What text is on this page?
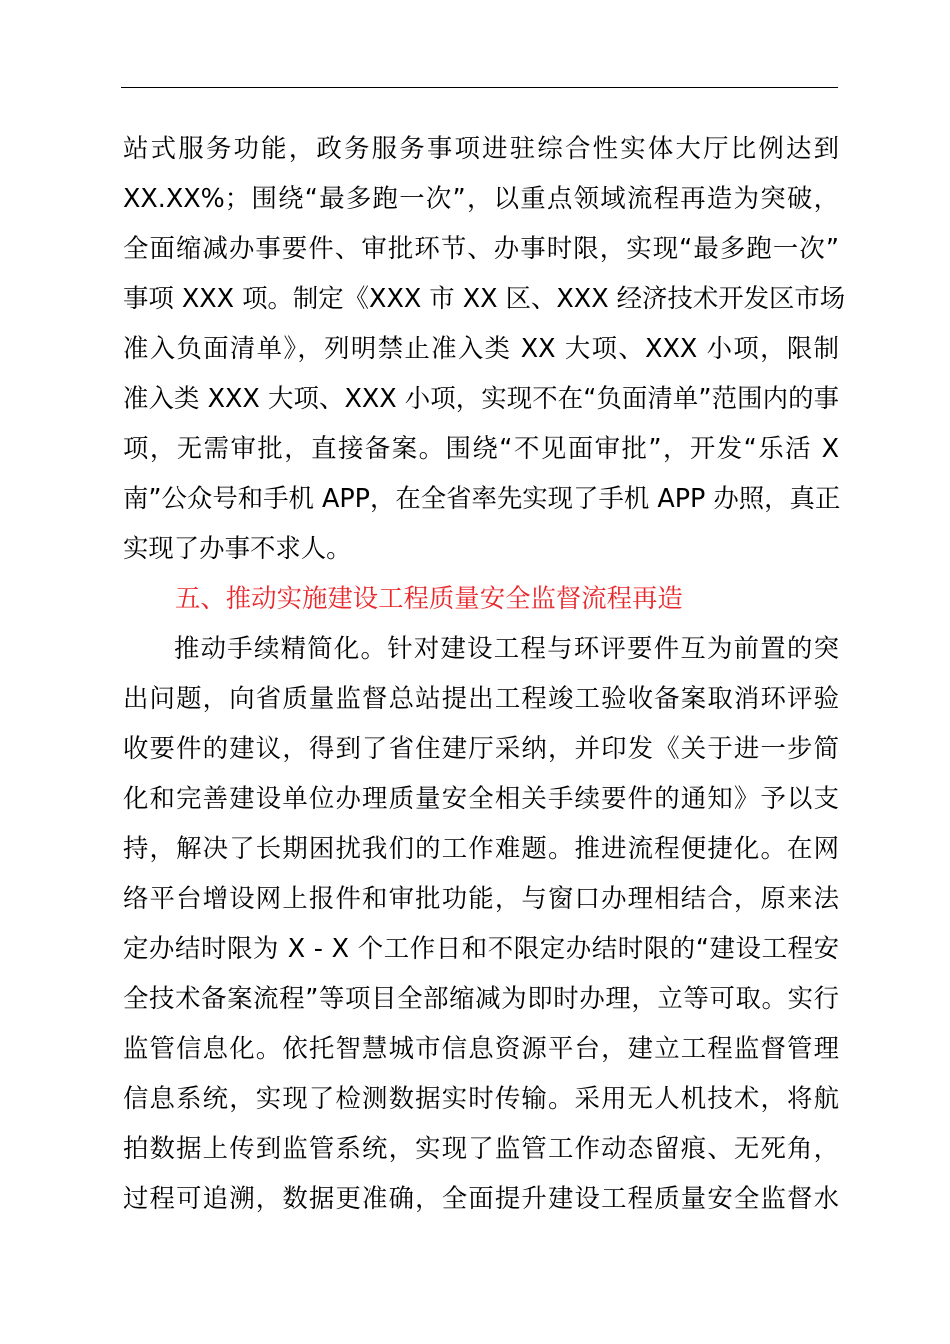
站式服务功能，政务服务事项进驻综合性实体大厅比例达到
XX.XX%；围绕“最多跑一次”，以重点领域流程再造为突破，
全面缩减办事要件、审批环节、办事时限，实现“最多跑一次”
事项 XXX 项。制定《XXX 市 XX 区、XXX 经济技术开发区市场
准入负面清单》，列明禁止准入类 XX 大项、XXX 小项，限制
准入类 XXX 大项、XXX 小项，实现不在“负面清单”范围内的事
项，无需审批，直接备案。围绕“不见面审批”，开发“乐活 X
南”公众号和手机 APP，在全省率先实现了手机 APP 办照，真正
实现了办事不求人。
五、推动实施建设工程质量安全监督流程再造
推动手续精简化。针对建设工程与环评要件互为前置的突
出问题，向省质量监督总站提出工程竣工验收备案取消环评验
收要件的建议，得到了省住建厅采纳，并印发《关于进一步简
化和完善建设单位办理质量安全相关手续要件的通知》予以支
持，解决了长期困扰我们的工作难题。推进流程便捷化。在网
络平台增设网上报件和审批功能，与窗口办理相结合，原来法
定办结时限为 X - X 个工作日和不限定办结时限的“建设工程安
全技术备案流程”等项目全部缩减为即时办理，立等可取。实行
监管信息化。依托智慧城市信息资源平台，建立工程监督管理
信息系统，实现了检测数据实时传输。采用无人机技术，将航
拍数据上传到监管系统，实现了监管工作动态留痕、无死角，
过程可追溯，数据更准确，全面提升建设工程质量安全监督水
